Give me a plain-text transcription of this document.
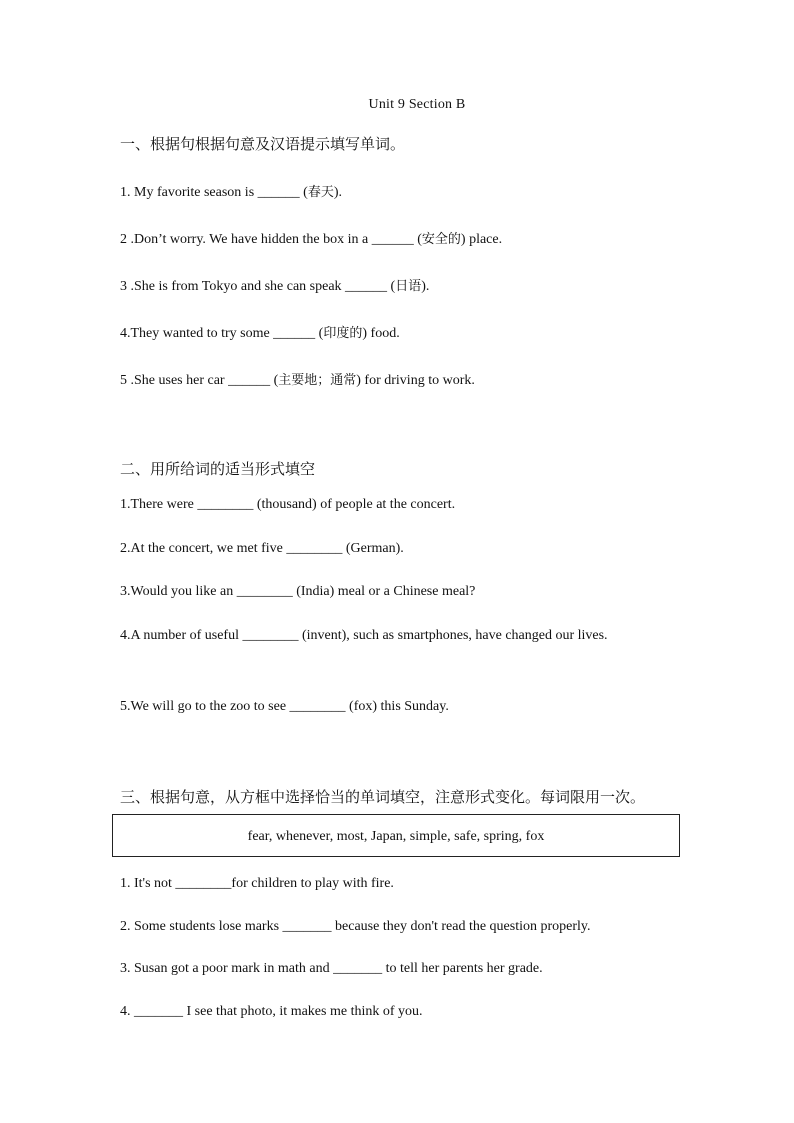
Unit 9 Section B
一、根据句根据句意及汉语提示填写单词。
1. My favorite season is ______ (春天).
2 .Don’t worry. We have hidden the box in a ______ (安全的) place.
3 .She is from Tokyo and she can speak ______ (日语).
4.They wanted to try some ______ (印度的) food.
5 .She uses her car ______ (主要地；通常) for driving to work.
二、用所给词的适当形式填空
1.There were ________ (thousand) of people at the concert.
2.At the concert, we met five ________ (German).
3.Would you like an ________ (India) meal or a Chinese meal?
4.A number of useful ________ (invent), such as smartphones, have changed our lives.
5.We will go to the zoo to see ________ (fox) this Sunday.
三、根据句意，从方框中选择恰当的单词填空，注意形式变化。每词限用一次。
fear, whenever, most, Japan, simple, safe, spring, fox
1. It's not ________for children to play with fire.
2. Some students lose marks _______ because they don't read the question properly.
3. Susan got a poor mark in math and _______ to tell her parents her grade.
4. _______ I see that photo, it makes me think of you.
